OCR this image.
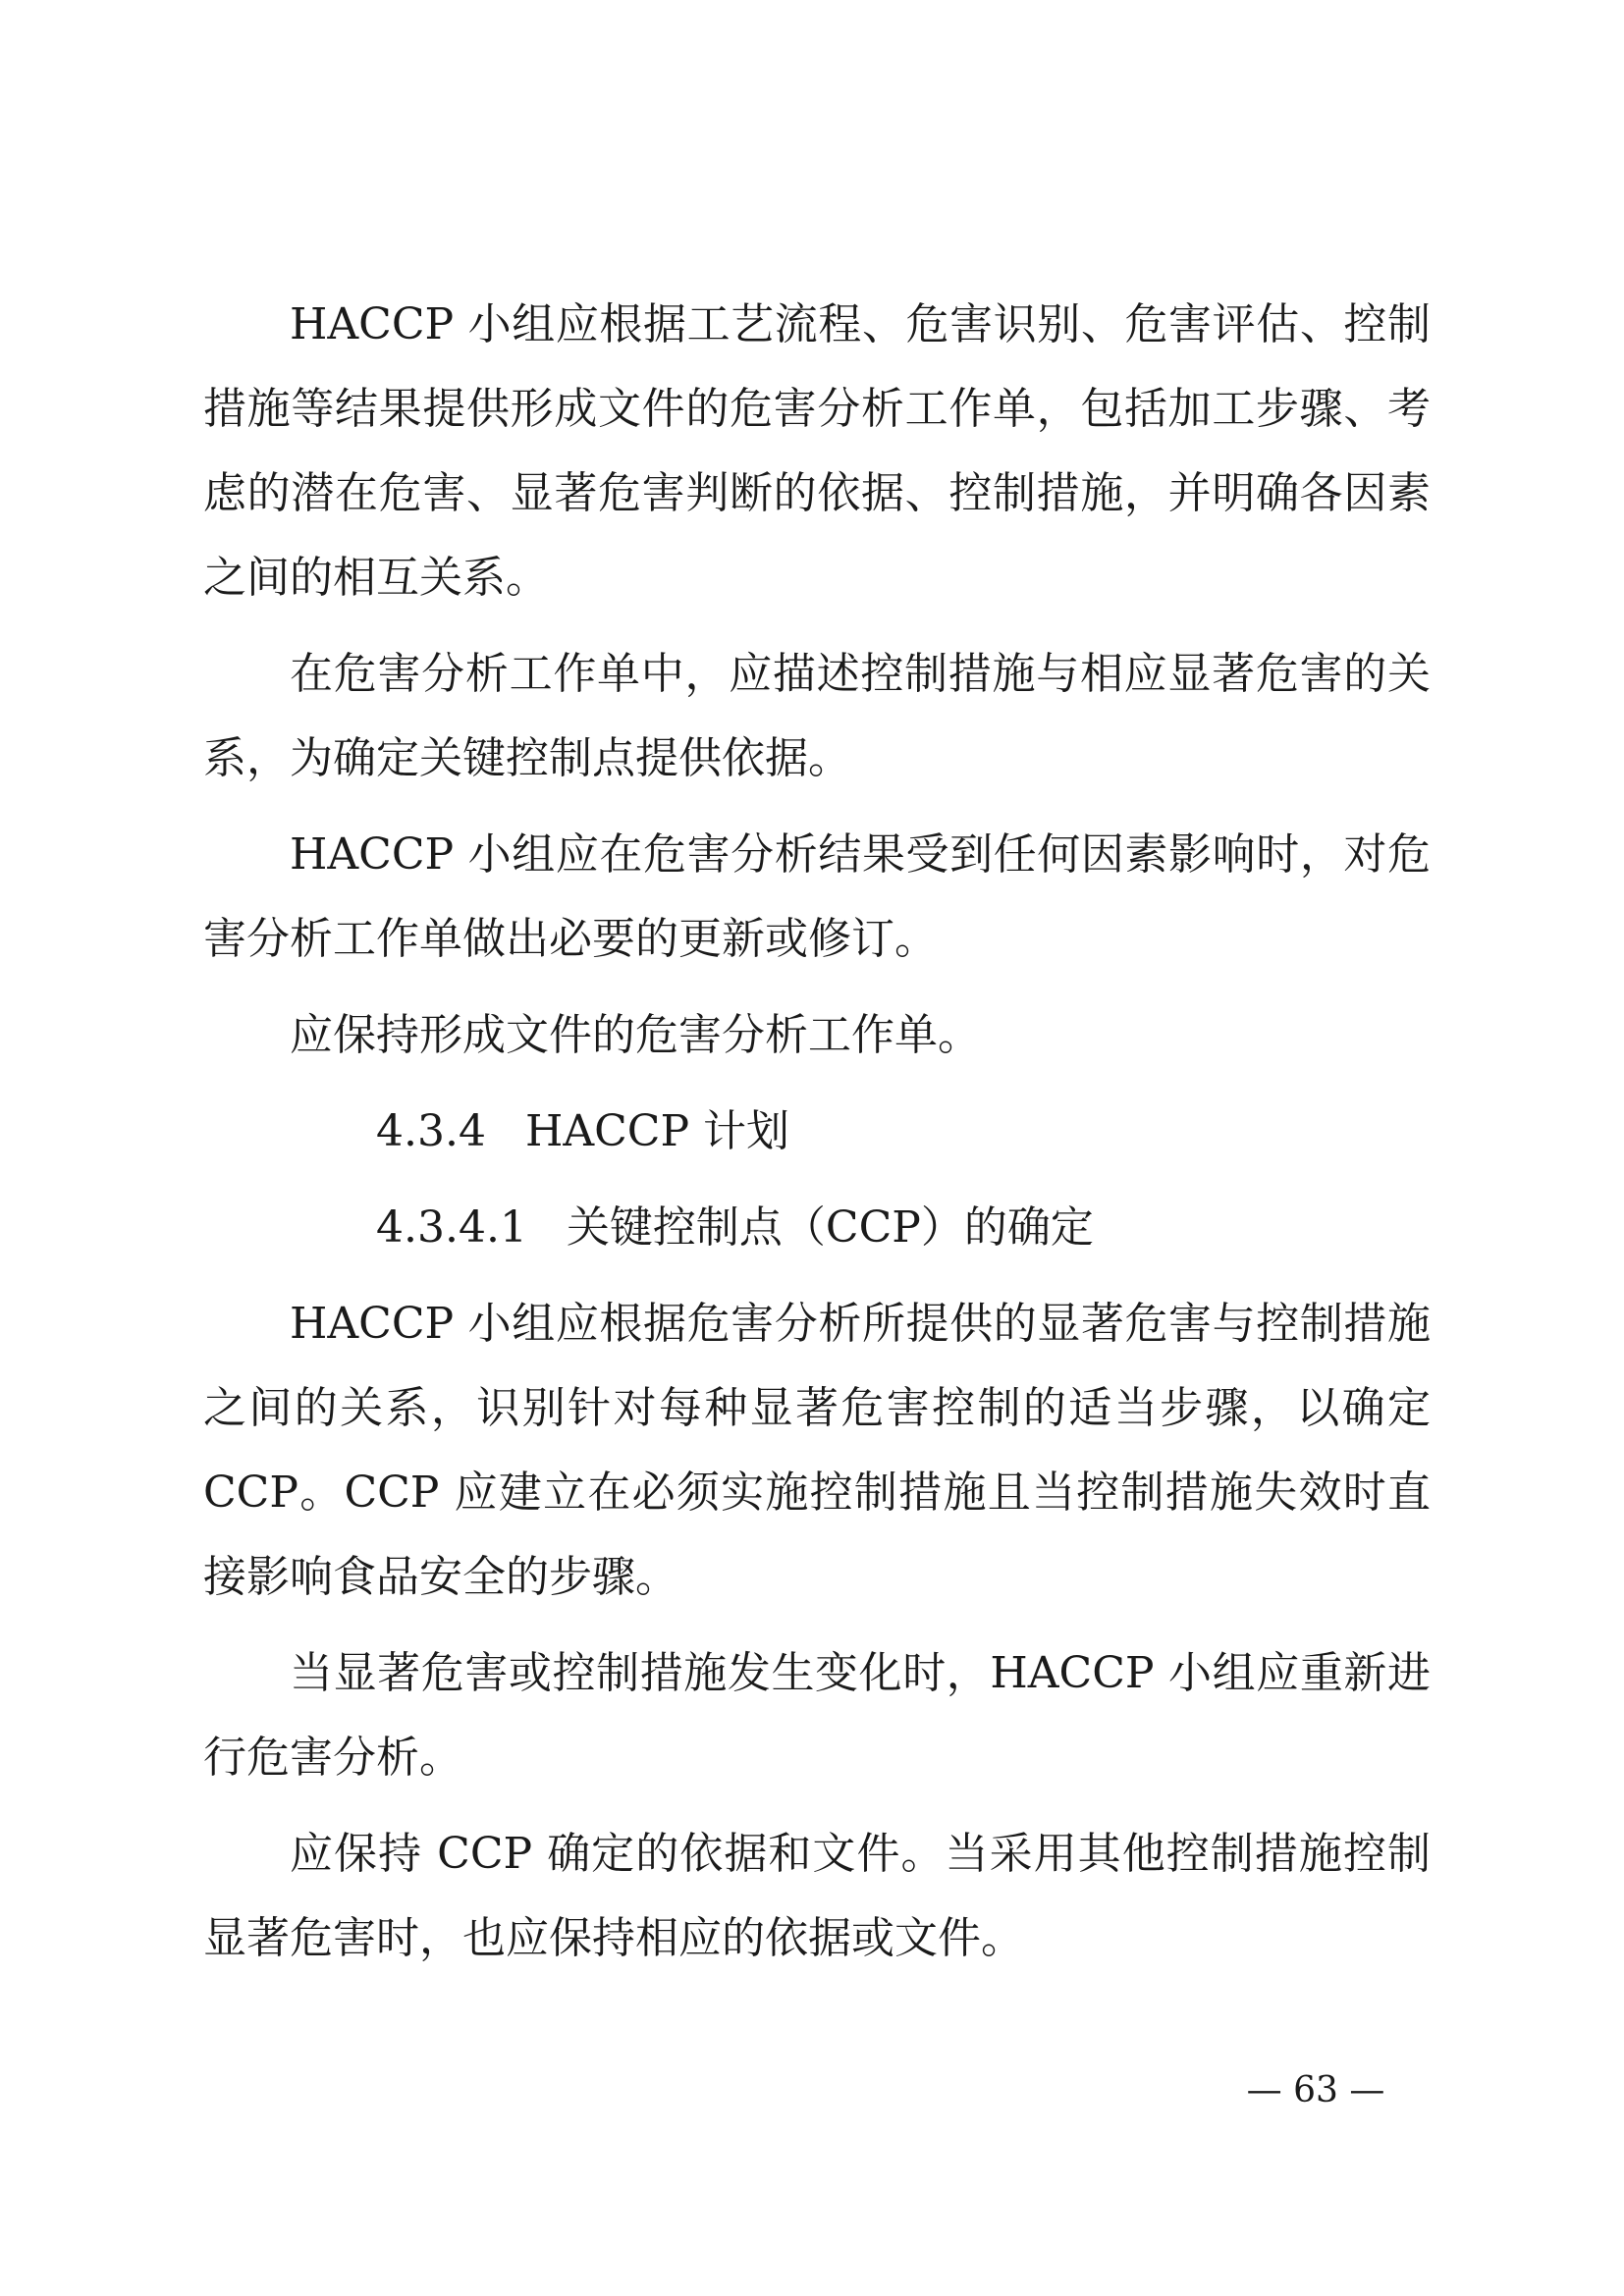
HACCP 小组应根据工艺流程、危害识别、危害评估、控制措施等结果提供形成文件的危害分析工作单，包括加工步骤、考虑的潜在危害、显著危害判断的依据、控制措施，并明确各因素之间的相互关系。

在危害分析工作单中，应描述控制措施与相应显著危害的关系，为确定关键控制点提供依据。

HACCP 小组应在危害分析结果受到任何因素影响时，对危害分析工作单做出必要的更新或修订。

应保持形成文件的危害分析工作单。

4.3.4 HACCP 计划

4.3.4.1 关键控制点（CCP）的确定

HACCP 小组应根据危害分析所提供的显著危害与控制措施之间的关系，识别针对每种显著危害控制的适当步骤，以确定 CCP。CCP 应建立在必须实施控制措施且当控制措施失效时直接影响食品安全的步骤。

当显著危害或控制措施发生变化时，HACCP 小组应重新进行危害分析。

应保持 CCP 确定的依据和文件。当采用其他控制措施控制显著危害时，也应保持相应的依据或文件。

— 63 —
